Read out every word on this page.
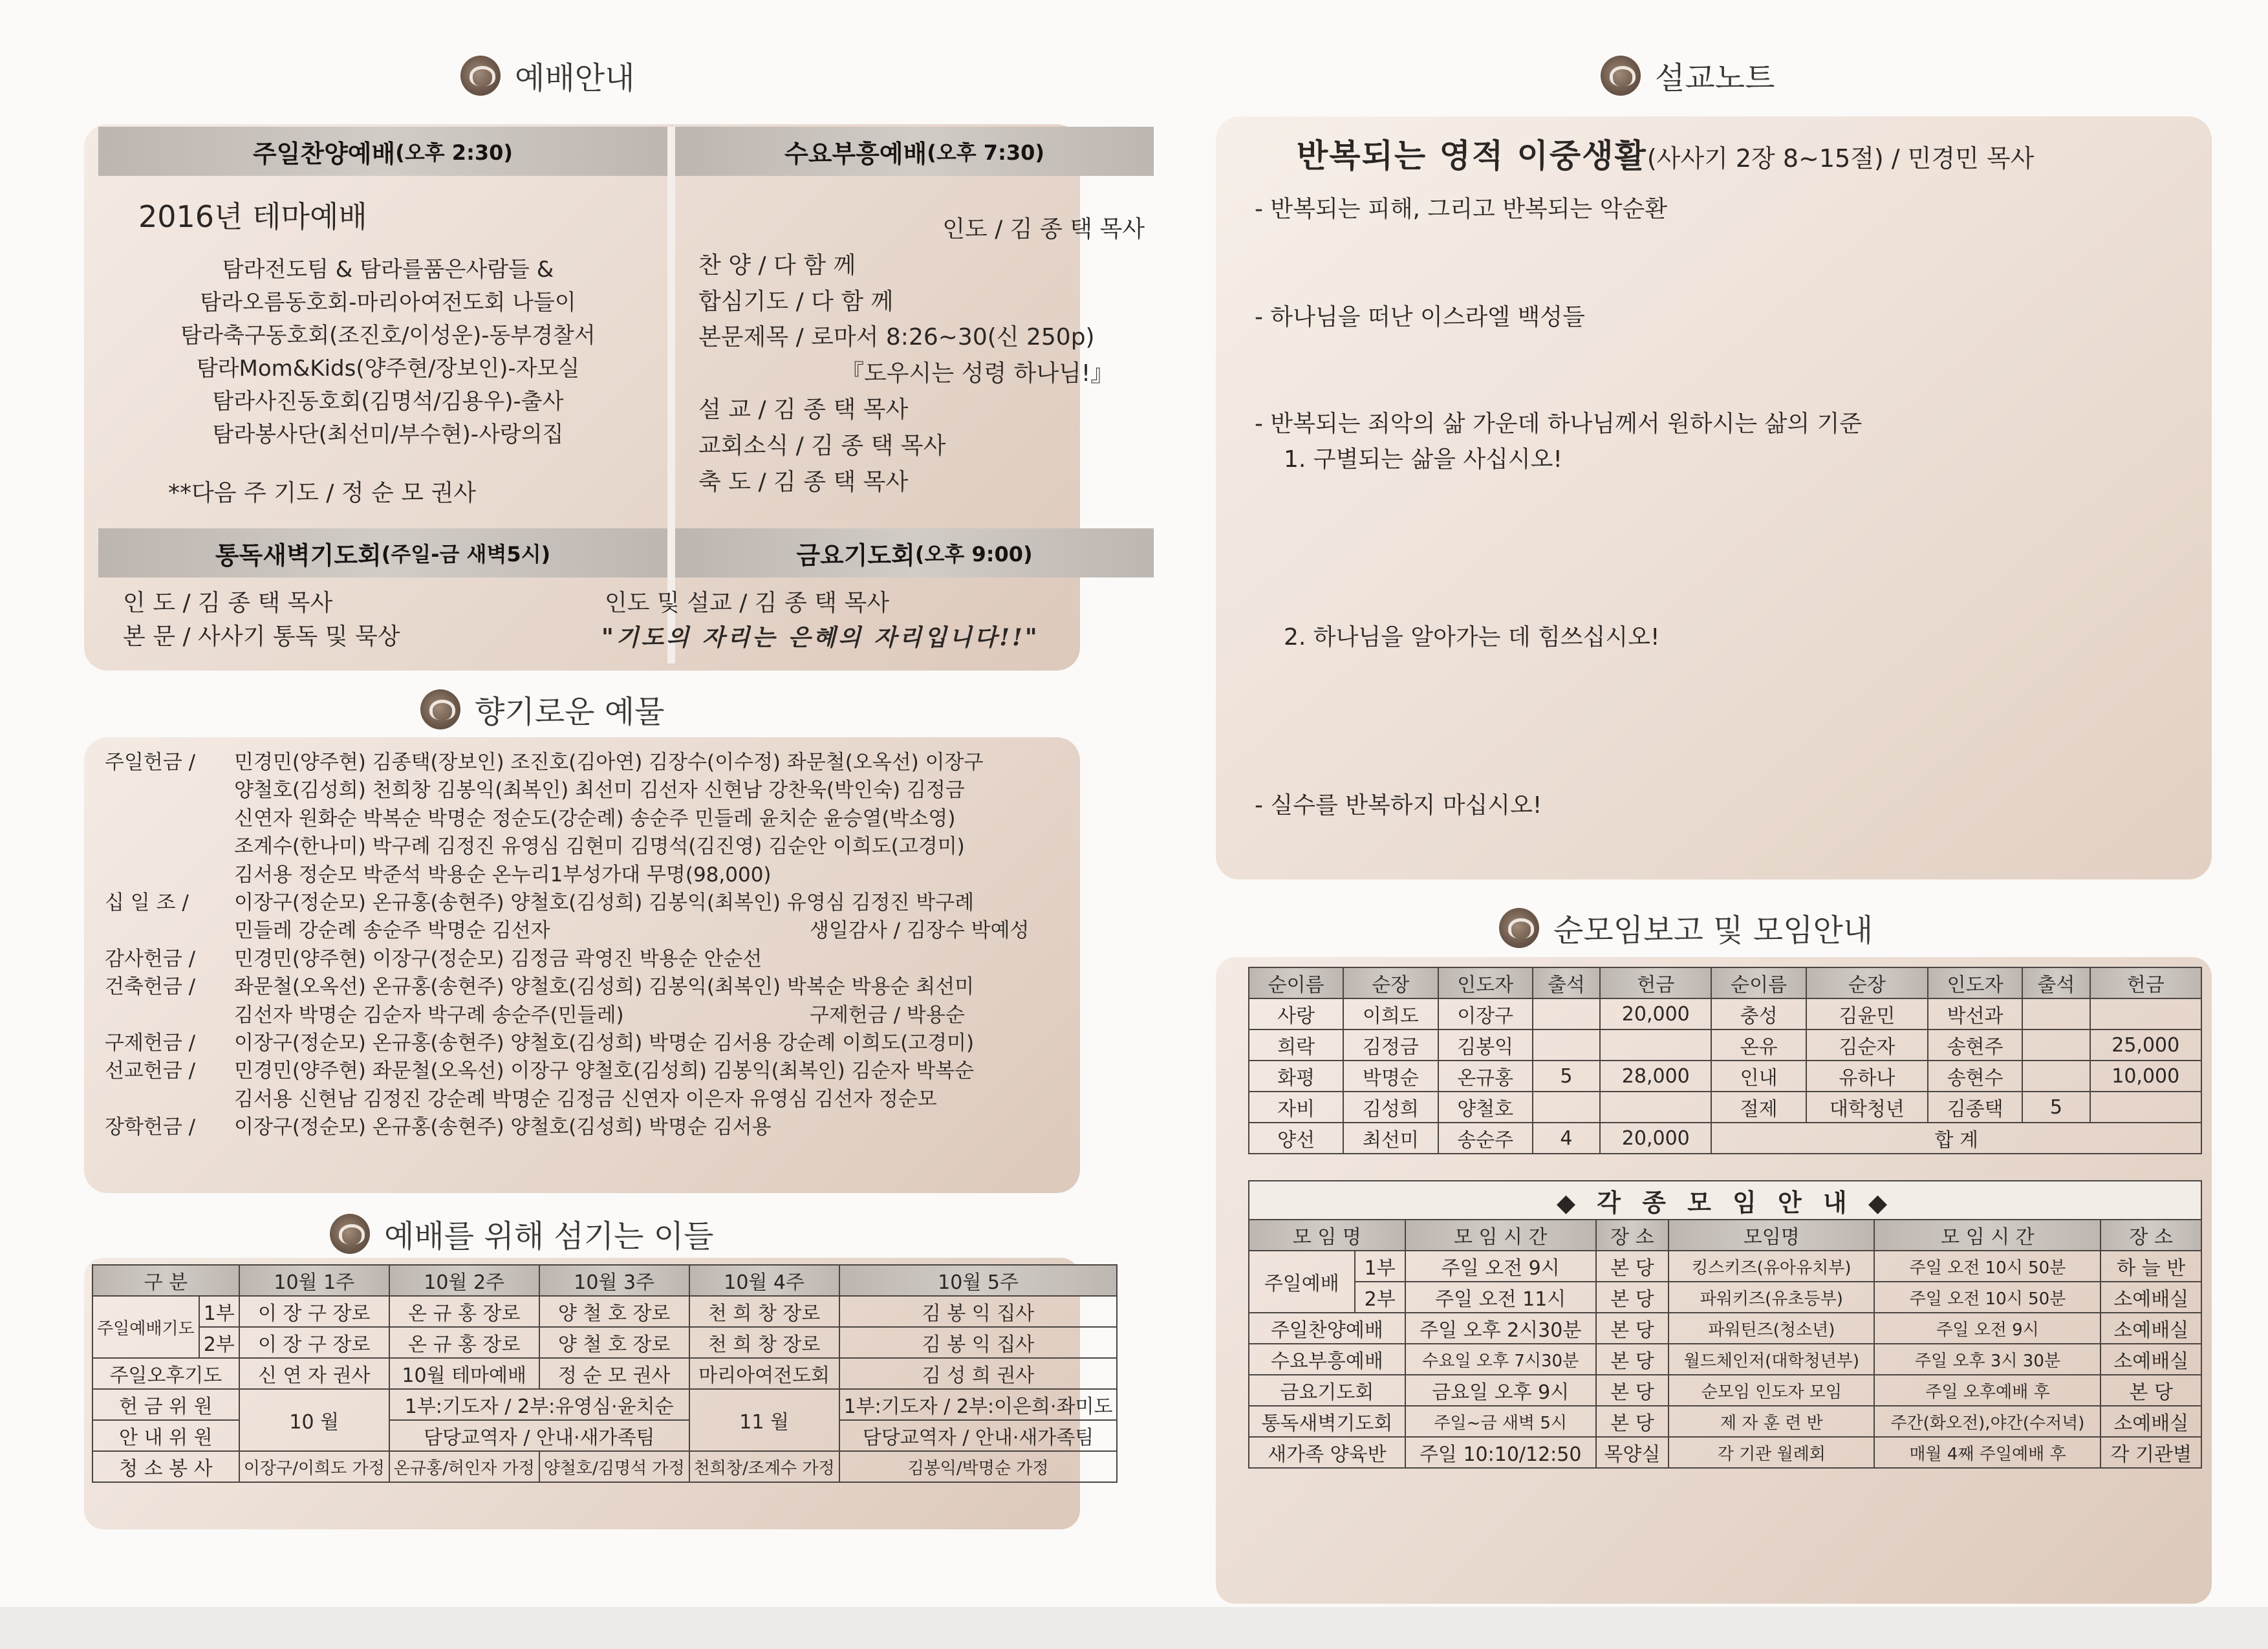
예배안내
주일찬양예배 (오후 2:30)	수요부흥예배 (오후 7:30)
2016년 테마예배
탐라전도팀 & 탐라를품은사람들 &
탐라오름동호회-마리아여전도회 나들이
탐라축구동호회(조진호/이성운)-동부경찰서
탐라Mom&Kids(양주현/장보인)-자모실
탐라사진동호회(김명석/김용우)-출사
탐라봉사단(최선미/부수현)-사랑의집
**다음 주 기도 / 정 순 모 권사
인도 / 김 종 택 목사
찬 양 / 다 함 께
합심기도 / 다 함 께
본문제목 / 로마서 8:26~30(신 250p)
『도우시는 성령 하나님!』
설 교 / 김 종 택 목사
교회소식 / 김 종 택 목사
축 도 / 김 종 택 목사
통독새벽기도회 (주일-금 새벽5시)	금요기도회 (오후 9:00)
인 도 / 김 종 택 목사
본 문 / 사사기 통독 및 묵상
인도 및 설교 / 김 종 택 목사
"기도의 자리는 은혜의 자리입니다!!"
향기로운 예물
주일헌금 / 민경민(양주현) 김종택(장보인) 조진호(김아연) 김장수(이수정) 좌문철(오옥선) 이장구
양철호(김성희) 천희창 김봉익(최복인) 최선미 김선자 신현남 강찬욱(박인숙) 김정금
신연자 원화순 박복순 박명순 정순도(강순례) 송순주 민들레 윤치순 윤승열(박소영)
조계수(한나미) 박구례 김정진 유영심 김현미 김명석(김진영) 김순안 이희도(고경미)
김서용 정순모 박준석 박용순 온누리1부성가대 무명(98,000)
십 일 조 / 이장구(정순모) 온규홍(송현주) 양철호(김성희) 김봉익(최복인) 유영심 김정진 박구례
민들레 강순례 송순주 박명순 김선자	생일감사 / 김장수 박예성
감사헌금 / 민경민(양주현) 이장구(정순모) 김정금 곽영진 박용순 안순선
건축헌금 / 좌문철(오옥선) 온규홍(송현주) 양철호(김성희) 김봉익(최복인) 박복순 박용순 최선미
김선자 박명순 김순자 박구례 송순주(민들레)	구제헌금 / 박용순
구제헌금 / 이장구(정순모) 온규홍(송현주) 양철호(김성희) 박명순 김서용 강순례 이희도(고경미)
선교헌금 / 민경민(양주현) 좌문철(오옥선) 이장구 양철호(김성희) 김봉익(최복인) 김순자 박복순
김서용 신현남 김정진 강순례 박명순 김정금 신연자 이은자 유영심 김선자 정순모
장학헌금 / 이장구(정순모) 온규홍(송현주) 양철호(김성희) 박명순 김서용
예배를 위해 섬기는 이들
구 분		10월 1주	10월 2주	10월 3주	10월 4주	10월 5주
주일예배기도	1부	이 장 구 장로	온 규 홍 장로	양 철 호 장로	천 희 창 장로	김 봉 익 집사
	2부	이 장 구 장로	온 규 홍 장로	양 철 호 장로	천 희 창 장로	김 봉 익 집사
주일오후기도		신 연 자 권사	10월 테마예배	정 순 모 권사	마리아여전도회	김 성 희 권사
헌 금 위 원		10 월	1부:기도자 / 2부:유영심·윤치순		11 월	1부:기도자 / 2부:이은희·좌미도
안 내 위 원			담당교역자 / 안내·새가족팀			담당교역자 / 안내·새가족팀
청 소 봉 사		이장구/이희도 가정	온규홍/허인자 가정	양철호/김명석 가정	천희창/조계수 가정	김봉익/박명순 가정
설교노트
반복되는 영적 이중생활(사사기 2장 8~15절) / 민경민 목사
- 반복되는 피해, 그리고 반복되는 악순환
- 하나님을 떠난 이스라엘 백성들
- 반복되는 죄악의 삶 가운데 하나님께서 원하시는 삶의 기준
1. 구별되는 삶을 사십시오!
2. 하나님을 알아가는 데 힘쓰십시오!
- 실수를 반복하지 마십시오!
순모임보고 및 모임안내
순이름	순장	인도자	출석	헌금	순이름	순장	인도자	출석	헌금
사랑	이희도	이장구		20,000	충성	김윤민	박선과		
희락	김정금	김봉익			온유	김순자	송현주		25,000
화평	박명순	온규홍	5	28,000	인내	유하나	송현수		10,000
자비	김성희	양철호			절제	대학청년	김종택	5	
양선	최선미	송순주	4	20,000	합 계				
◆ 각 종 모 임 안 내 ◆						
모 임 명		모 임 시 간	장 소	모임명	모 임 시 간	장 소
주일예배	1부	주일 오전 9시	본 당	킹스키즈(유아유치부)	주일 오전 10시 50분	하 늘 반
	2부	주일 오전 11시	본 당	파워키즈(유초등부)	주일 오전 10시 50분	소예배실
주일찬양예배		주일 오후 2시30분	본 당	파워틴즈(청소년)	주일 오전 9시	소예배실
수요부흥예배		수요일 오후 7시30분	본 당	월드체인저(대학청년부)	주일 오후 3시 30분	소예배실
금요기도회		금요일 오후 9시	본 당	순모임 인도자 모임	주일 오후예배 후	본 당
통독새벽기도회		주일~금 새벽 5시	본 당	제 자 훈 련 반	주간(화오전),야간(수저녁)	소예배실
새가족 양육반		주일 10:10/12:50	목양실	각 기관 월례회	매월 4째 주일예배 후	각 기관별
